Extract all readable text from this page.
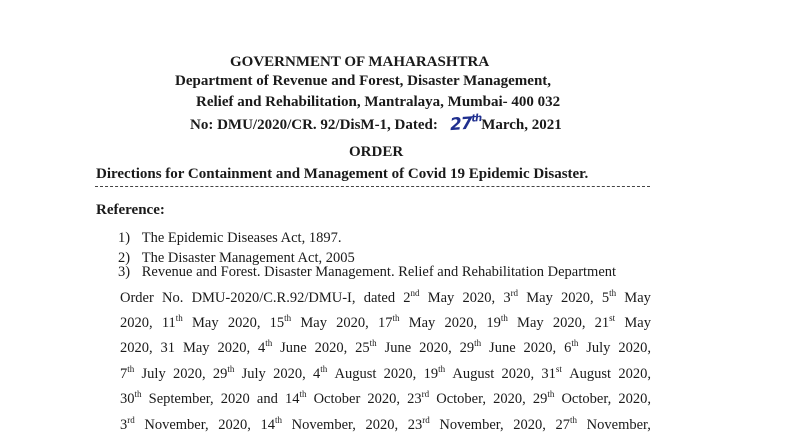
GOVERNMENT OF MAHARASHTRA
Department of Revenue and Forest, Disaster Management,
Relief and Rehabilitation, Mantralaya, Mumbai- 400 032
No: DMU/2020/CR. 92/DisM-1, Dated: 27thMarch, 2021
ORDER
Directions for Containment and Management of Covid 19 Epidemic Disaster.
Reference:
1) The Epidemic Diseases Act, 1897.
2) The Disaster Management Act, 2005
3) Revenue and Forest. Disaster Management. Relief and Rehabilitation Department
Order No. DMU-2020/C.R.92/DMU-I, dated 2nd May 2020, 3rd May 2020, 5th May
2020, 11th May 2020, 15th May 2020, 17th May 2020, 19th May 2020, 21st May
2020, 31 May 2020, 4th June 2020, 25th June 2020, 29th June 2020, 6th July 2020,
7th July 2020, 29th July 2020, 4th August 2020, 19th August 2020, 31st August 2020,
30th September, 2020 and 14th October 2020, 23rd October, 2020, 29th October, 2020,
3rd November, 2020, 14th November, 2020, 23rd November, 2020, 27th November,
